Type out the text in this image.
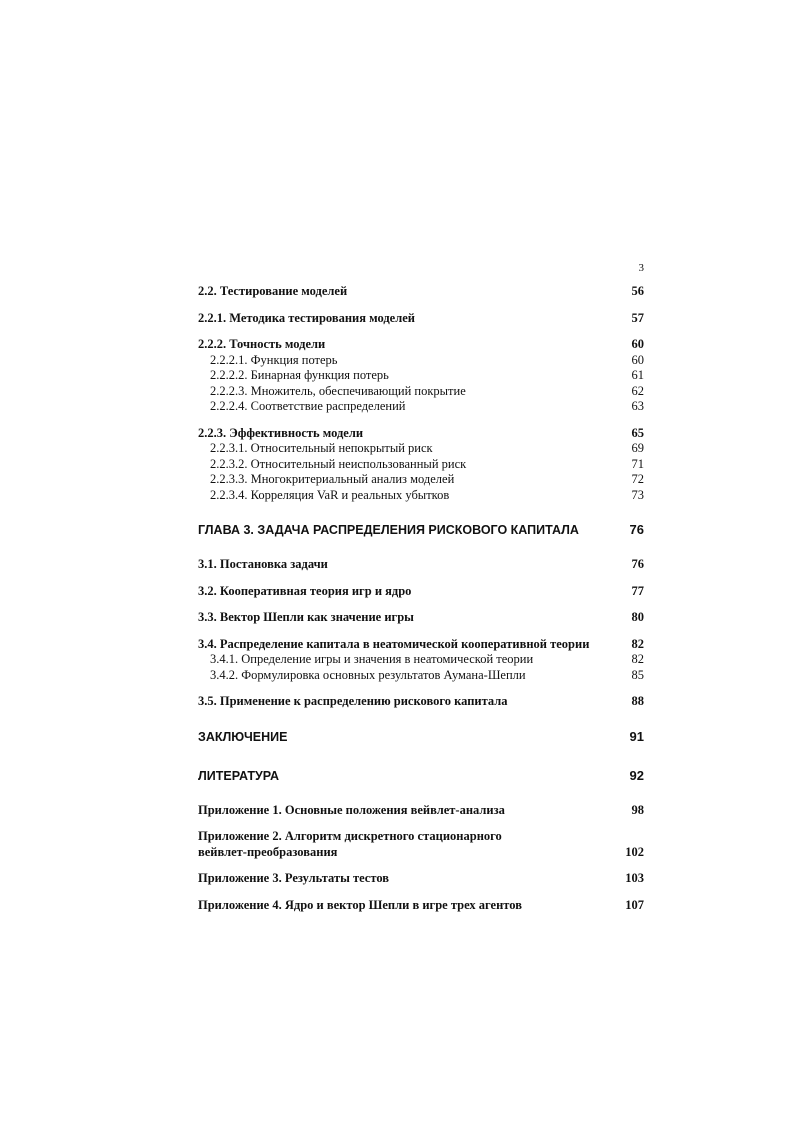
3
2.2. Тестирование моделей	56
2.2.1. Методика тестирования моделей	57
2.2.2. Точность модели	60
2.2.2.1. Функция потерь	60
2.2.2.2. Бинарная функция потерь	61
2.2.2.3. Множитель, обеспечивающий покрытие	62
2.2.2.4. Соответствие распределений	63
2.2.3. Эффективность модели	65
2.2.3.1. Относительный непокрытый риск	69
2.2.3.2. Относительный неиспользованный риск	71
2.2.3.3. Многокритериальный анализ моделей	72
2.2.3.4. Корреляция VaR и реальных убытков	73
ГЛАВА 3. ЗАДАЧА РАСПРЕДЕЛЕНИЯ РИСКОВОГО КАПИТАЛА	76
3.1. Постановка задачи	76
3.2. Кооперативная теория игр и ядро	77
3.3. Вектор Шепли как значение игры	80
3.4. Распределение капитала в неатомической кооперативной теории	82
3.4.1. Определение игры и значения в неатомической теории	82
3.4.2. Формулировка основных результатов Аумана-Шепли	85
3.5. Применение к распределению рискового капитала	88
ЗАКЛЮЧЕНИЕ	91
ЛИТЕРАТУРА	92
Приложение 1. Основные положения вейвлет-анализа	98
Приложение 2. Алгоритм дискретного стационарного вейвлет-преобразования	102
Приложение 3. Результаты тестов	103
Приложение 4. Ядро и вектор Шепли в игре трех агентов	107
